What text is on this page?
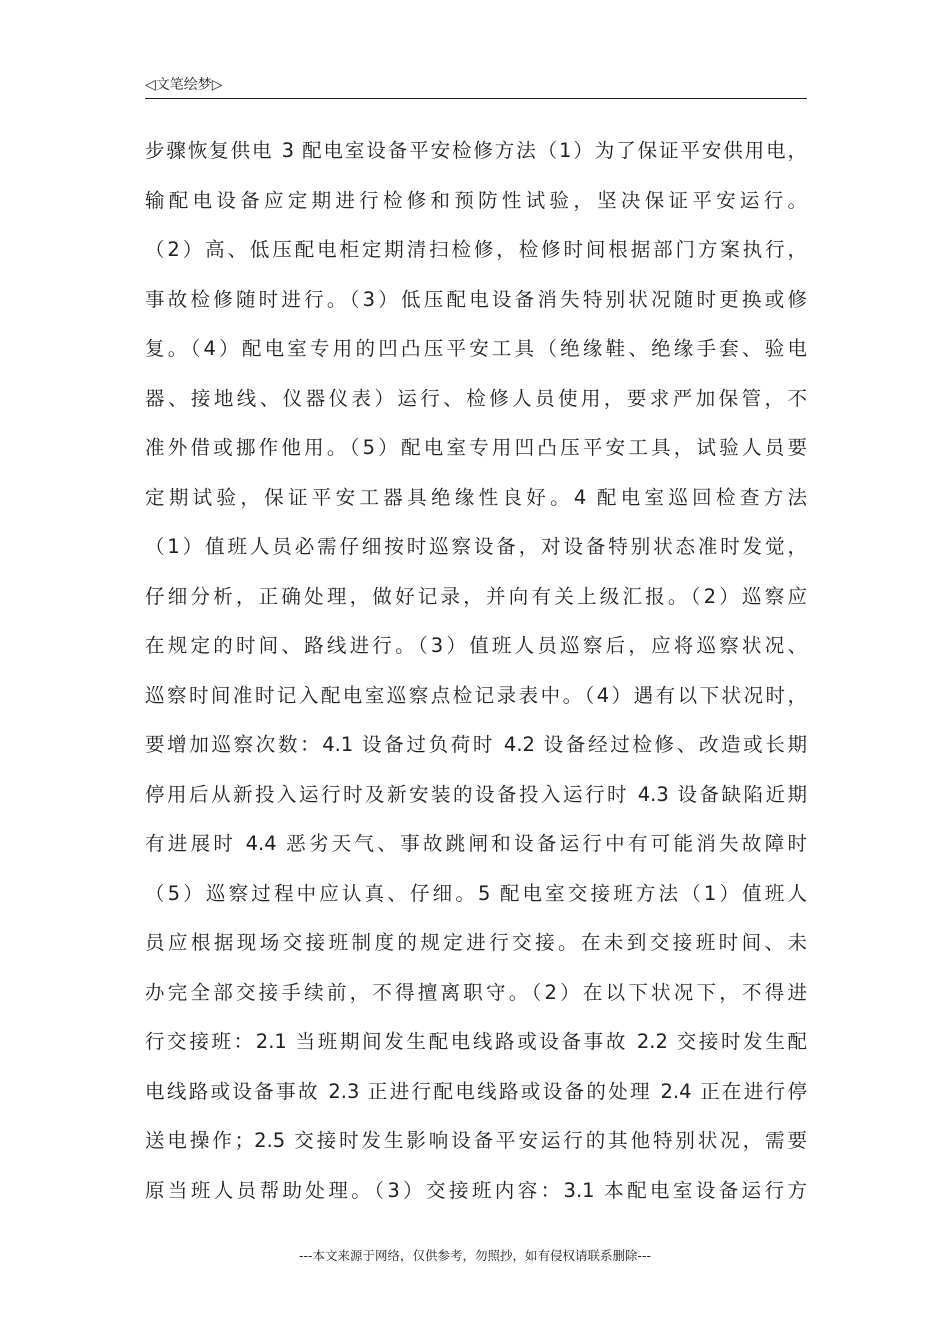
◁文笔绘梦▷
步骤恢复供电 3 配电室设备平安检修方法（1）为了保证平安供用电，
输配电设备应定期进行检修和预防性试验，坚决保证平安运行。
（2）高、低压配电柜定期清扫检修，检修时间根据部门方案执行，
事故检修随时进行。（3）低压配电设备消失特别状况随时更换或修
复。（4）配电室专用的凹凸压平安工具（绝缘鞋、绝缘手套、验电
器、接地线、仪器仪表）运行、检修人员使用，要求严加保管，不
准外借或挪作他用。（5）配电室专用凹凸压平安工具，试验人员要
定期试验，保证平安工器具绝缘性良好。4 配电室巡回检查方法
（1）值班人员必需仔细按时巡察设备，对设备特别状态准时发觉，
仔细分析，正确处理，做好记录，并向有关上级汇报。（2）巡察应
在规定的时间、路线进行。（3）值班人员巡察后，应将巡察状况、
巡察时间准时记入配电室巡察点检记录表中。（4）遇有以下状况时，
要增加巡察次数：4.1 设备过负荷时 4.2 设备经过检修、改造或长期
停用后从新投入运行时及新安装的设备投入运行时 4.3 设备缺陷近期
有进展时 4.4 恶劣天气、事故跳闸和设备运行中有可能消失故障时
（5）巡察过程中应认真、仔细。5 配电室交接班方法（1）值班人
员应根据现场交接班制度的规定进行交接。在未到交接班时间、未
办完全部交接手续前，不得擅离职守。（2）在以下状况下，不得进
行交接班：2.1 当班期间发生配电线路或设备事故 2.2 交接时发生配
电线路或设备事故 2.3 正进行配电线路或设备的处理 2.4 正在进行停
送电操作；2.5 交接时发生影响设备平安运行的其他特别状况，需要
原当班人员帮助处理。（3）交接班内容：3.1 本配电室设备运行方
---本文来源于网络，仅供参考，勿照抄，如有侵权请联系删除---
